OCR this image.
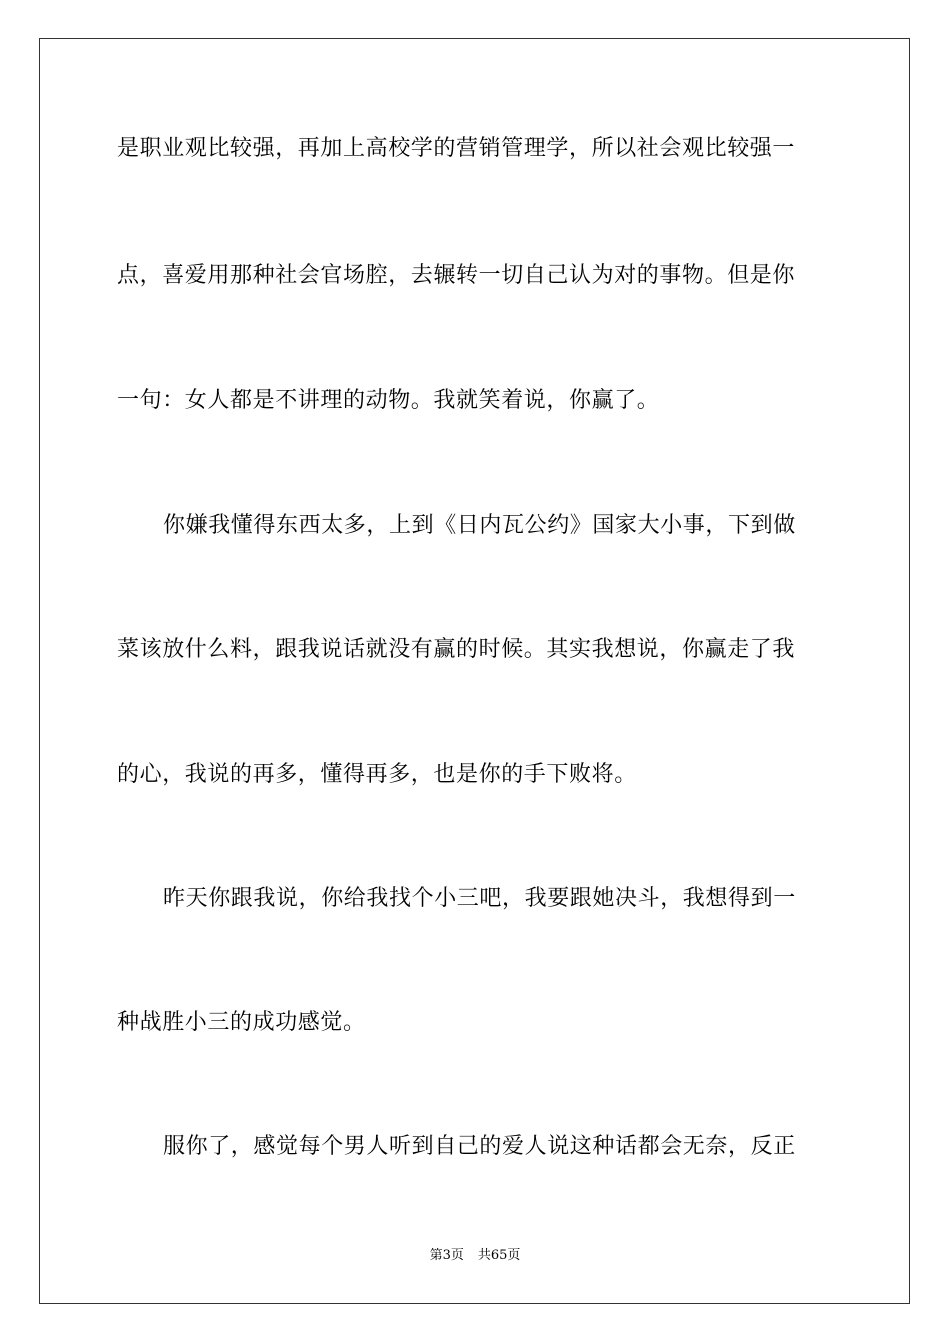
是职业观比较强，再加上高校学的营销管理学，所以社会观比较强一
点，喜爱用那种社会官场腔，去辗转一切自己认为对的事物。但是你
一句：女人都是不讲理的动物。我就笑着说，你赢了。
你嫌我懂得东西太多，上到《日内瓦公约》国家大小事，下到做
菜该放什么料，跟我说话就没有赢的时候。其实我想说，你赢走了我
的心，我说的再多，懂得再多，也是你的手下败将。
昨天你跟我说，你给我找个小三吧，我要跟她决斗，我想得到一
种战胜小三的成功感觉。
服你了，感觉每个男人听到自己的爱人说这种话都会无奈，反正
第3页 共65页
